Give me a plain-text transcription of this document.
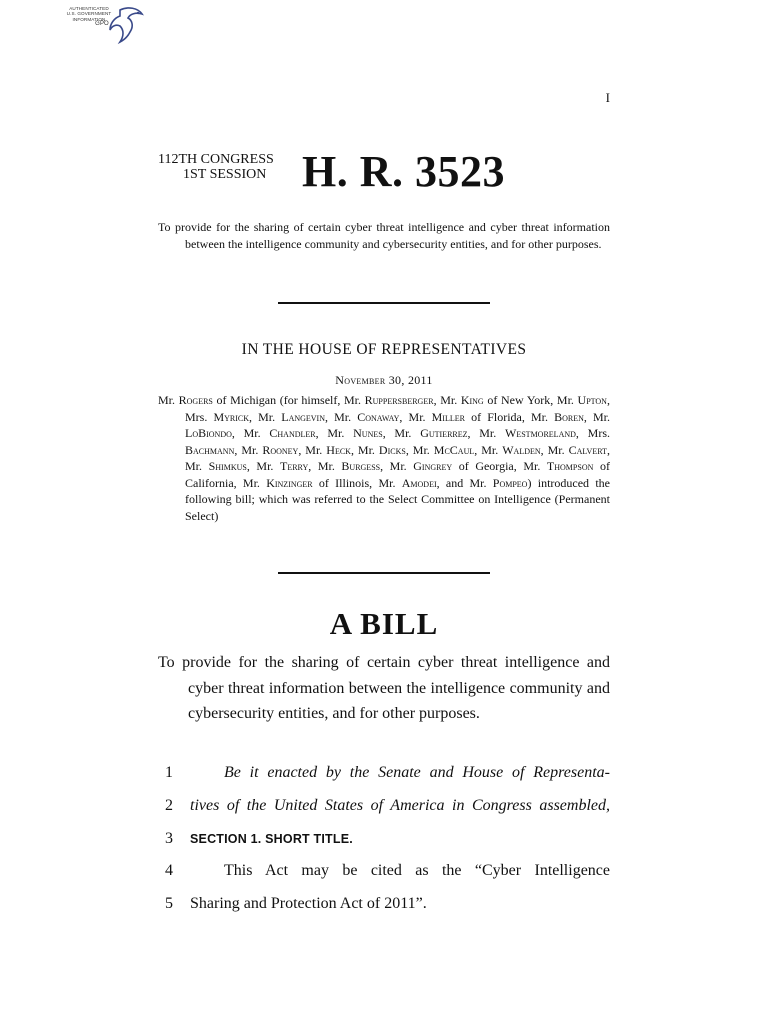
AUTHENTICATED
U.S. GOVERNMENT
INFORMATION
GPO
I
112TH CONGRESS
1ST SESSION H. R. 3523
To provide for the sharing of certain cyber threat intelligence and cyber threat information between the intelligence community and cybersecurity entities, and for other purposes.
IN THE HOUSE OF REPRESENTATIVES
November 30, 2011
Mr. Rogers of Michigan (for himself, Mr. Ruppersberger, Mr. King of New York, Mr. Upton, Mrs. Myrick, Mr. Langevin, Mr. Conaway, Mr. Miller of Florida, Mr. Boren, Mr. LoBiondo, Mr. Chandler, Mr. Nunes, Mr. Gutierrez, Mr. Westmoreland, Mrs. Bachmann, Mr. Rooney, Mr. Heck, Mr. Dicks, Mr. McCaul, Mr. Walden, Mr. Calvert, Mr. Shimkus, Mr. Terry, Mr. Burgess, Mr. Gingrey of Georgia, Mr. Thompson of California, Mr. Kinzinger of Illinois, Mr. Amodei, and Mr. Pompeo) introduced the following bill; which was referred to the Select Committee on Intelligence (Permanent Select)
A BILL
To provide for the sharing of certain cyber threat intelligence and cyber threat information between the intelligence community and cybersecurity entities, and for other purposes.
1	Be it enacted by the Senate and House of Representa-
2	tives of the United States of America in Congress assembled,
3	SECTION 1. SHORT TITLE.
4	This Act may be cited as the “Cyber Intelligence
5	Sharing and Protection Act of 2011”.
